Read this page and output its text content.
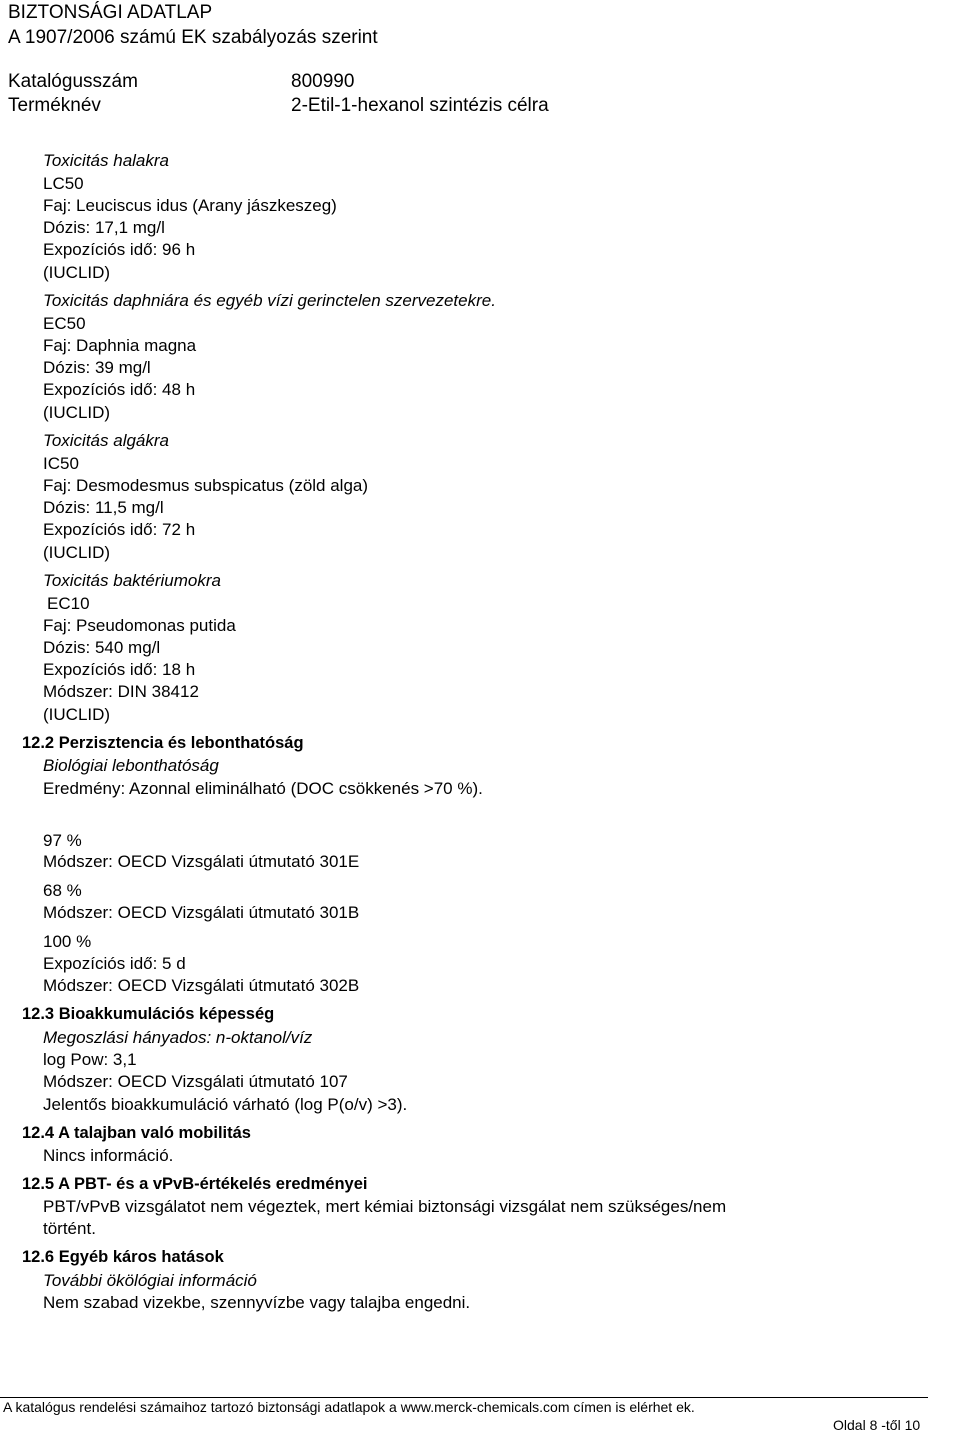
BIZTONSÁGI ADATLAP
A 1907/2006 számú EK szabályozás szerint
Katalógusszám	800990
Terméknév	2-Etil-1-hexanol szintézis célra
Toxicitás halakra
LC50
Faj: Leuciscus idus (Arany jászkeszeg)
Dózis: 17,1 mg/l
Expozíciós idő: 96 h
(IUCLID)
Toxicitás daphniára és egyéb vízi gerinctelen szervezetekre.
EC50
Faj: Daphnia magna
Dózis: 39 mg/l
Expozíciós idő: 48 h
(IUCLID)
Toxicitás algákra
IC50
Faj: Desmodesmus subspicatus (zöld alga)
Dózis: 11,5 mg/l
Expozíciós idő: 72 h
(IUCLID)
Toxicitás baktériumokra
EC10
Faj: Pseudomonas putida
Dózis: 540 mg/l
Expozíciós idő: 18 h
Módszer: DIN 38412
(IUCLID)
12.2 Perzisztencia és lebonthatóság
Biológiai lebonthatóság
Eredmény: Azonnal eliminálható (DOC csökkenés >70 %).
97 %
Módszer: OECD Vizsgálati útmutató 301E
68 %
Módszer: OECD Vizsgálati útmutató 301B
100 %
Expozíciós idő: 5 d
Módszer: OECD Vizsgálati útmutató 302B
12.3 Bioakkumulációs képesség
Megoszlási hányados: n-oktanol/víz
log Pow: 3,1
Módszer: OECD Vizsgálati útmutató 107
Jelentős bioakkumuláció várható (log P(o/v) >3).
12.4 A talajban való mobilitás
Nincs információ.
12.5 A PBT- és a vPvB-értékelés eredményei
PBT/vPvB vizsgálatot nem végeztek, mert kémiai biztonsági vizsgálat nem szükséges/nem
történt.
12.6 Egyéb káros hatások
További ökölógiai információ
Nem szabad vizekbe, szennyvízbe vagy talajba engedni.
A katalógus rendelési számaihoz tartozó biztonsági adatlapok a www.merck-chemicals.com címen is elérhet ek.
Oldal 8 -től 10
